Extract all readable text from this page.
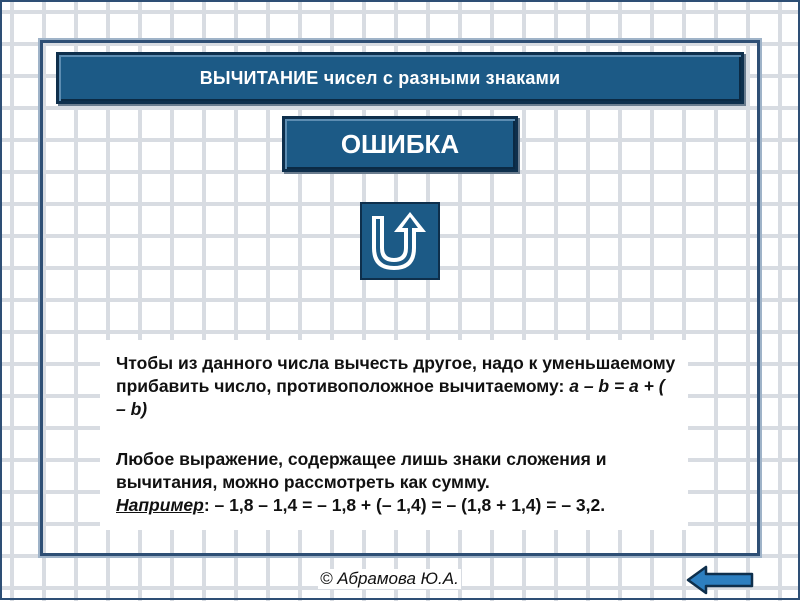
ВЫЧИТАНИЕ чисел с разными знаками
ОШИБКА

Чтобы из данного числа вычесть другое, надо к уменьшаемому прибавить число, противоположное вычитаемому: a – b = a + ( – b)

Любое выражение, содержащее лишь знаки сложения и вычитания, можно рассмотреть как сумму.
Например: – 1,8 – 1,4 = – 1,8 + (– 1,4) = – (1,8 + 1,4) = – 3,2.

© Абрамова Ю.А.
